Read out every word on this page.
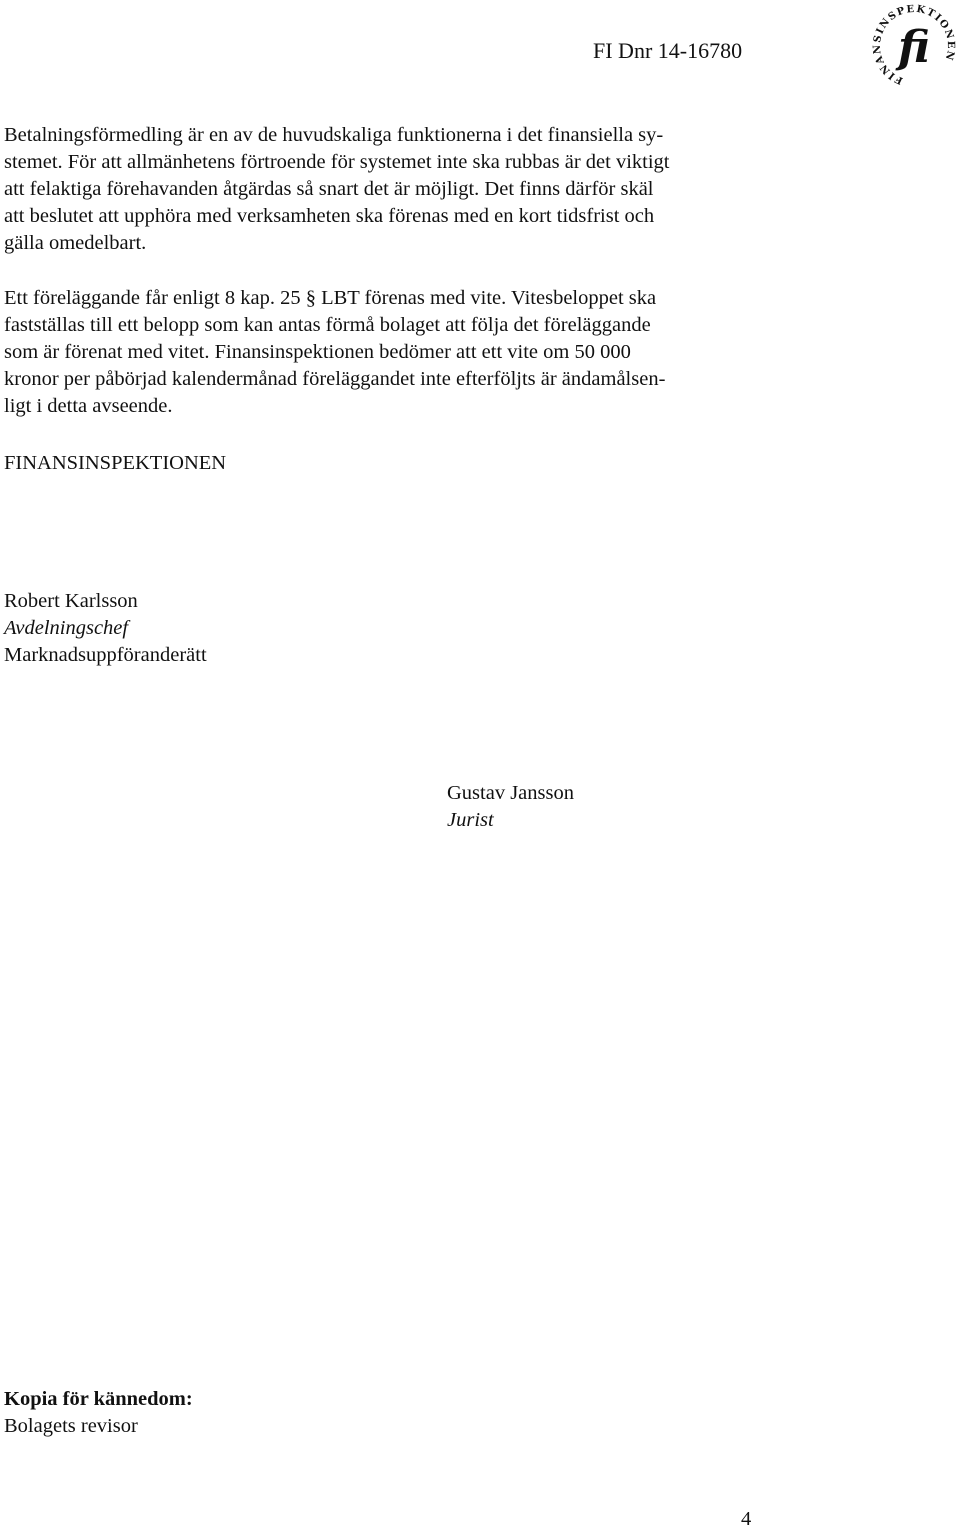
FI Dnr 14-16780
FINANSINSPEKTIONEN
fi
Betalningsförmedling är en av de huvudskaliga funktionerna i det finansiella sy-
stemet. För att allmänhetens förtroende för systemet inte ska rubbas är det viktigt
att felaktiga förehavanden åtgärdas så snart det är möjligt. Det finns därför skäl
att beslutet att upphöra med verksamheten ska förenas med en kort tidsfrist och
gälla omedelbart.
Ett föreläggande får enligt 8 kap. 25 § LBT förenas med vite. Vitesbeloppet ska
fastställas till ett belopp som kan antas förmå bolaget att följa det föreläggande
som är förenat med vitet. Finansinspektionen bedömer att ett vite om 50 000
kronor per påbörjad kalendermånad föreläggandet inte efterföljts är ändamålsen-
ligt i detta avseende.
FINANSINSPEKTIONEN
Robert Karlsson
Avdelningschef
Marknadsuppföranderätt
Gustav Jansson
Jurist
Kopia för kännedom:
Bolagets revisor
4
